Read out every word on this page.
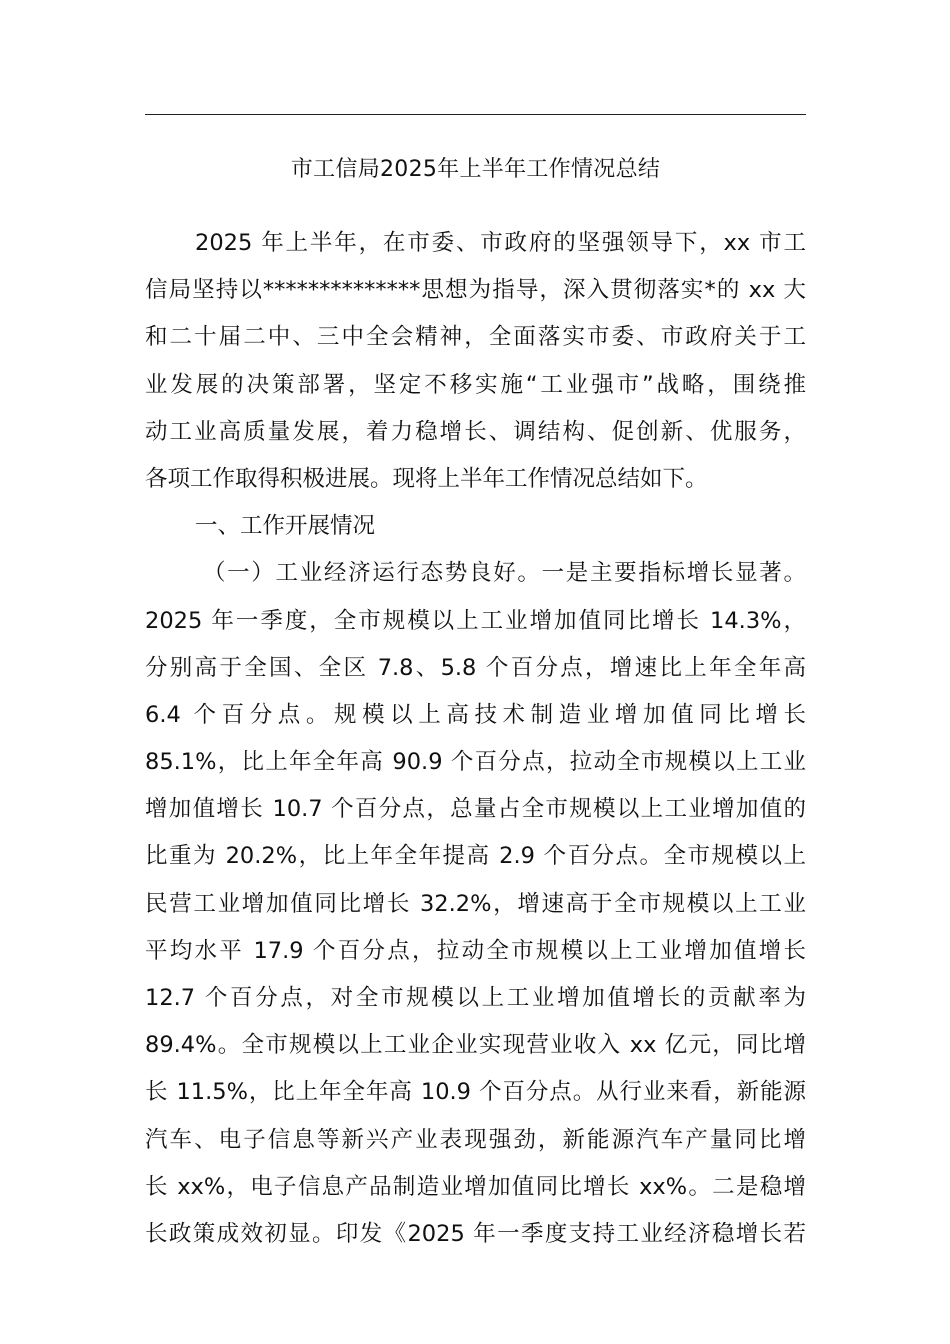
市工信局2025年上半年工作情况总结
2025 年上半年，在市委、市政府的坚强领导下，xx 市工
信局坚持以**************思想为指导，深入贯彻落实*的 xx 大
和二十届二中、三中全会精神，全面落实市委、市政府关于工
业发展的决策部署，坚定不移实施“工业强市”战略，围绕推
动工业高质量发展，着力稳增长、调结构、促创新、优服务，
各项工作取得积极进展。现将上半年工作情况总结如下。
一、工作开展情况
（一）工业经济运行态势良好。一是主要指标增长显著。
2025 年一季度，全市规模以上工业增加值同比增长 14.3%，
分别高于全国、全区 7.8、5.8 个百分点，增速比上年全年高
6.4 个百分点。规模以上高技术制造业增加值同比增长
85.1%，比上年全年高 90.9 个百分点，拉动全市规模以上工业
增加值增长 10.7 个百分点，总量占全市规模以上工业增加值的
比重为 20.2%，比上年全年提高 2.9 个百分点。全市规模以上
民营工业增加值同比增长 32.2%，增速高于全市规模以上工业
平均水平 17.9 个百分点，拉动全市规模以上工业增加值增长
12.7 个百分点，对全市规模以上工业增加值增长的贡献率为
89.4%。全市规模以上工业企业实现营业收入 xx 亿元，同比增
长 11.5%，比上年全年高 10.9 个百分点。从行业来看，新能源
汽车、电子信息等新兴产业表现强劲，新能源汽车产量同比增
长 xx%，电子信息产品制造业增加值同比增长 xx%。二是稳增
长政策成效初显。印发《2025 年一季度支持工业经济稳增长若
